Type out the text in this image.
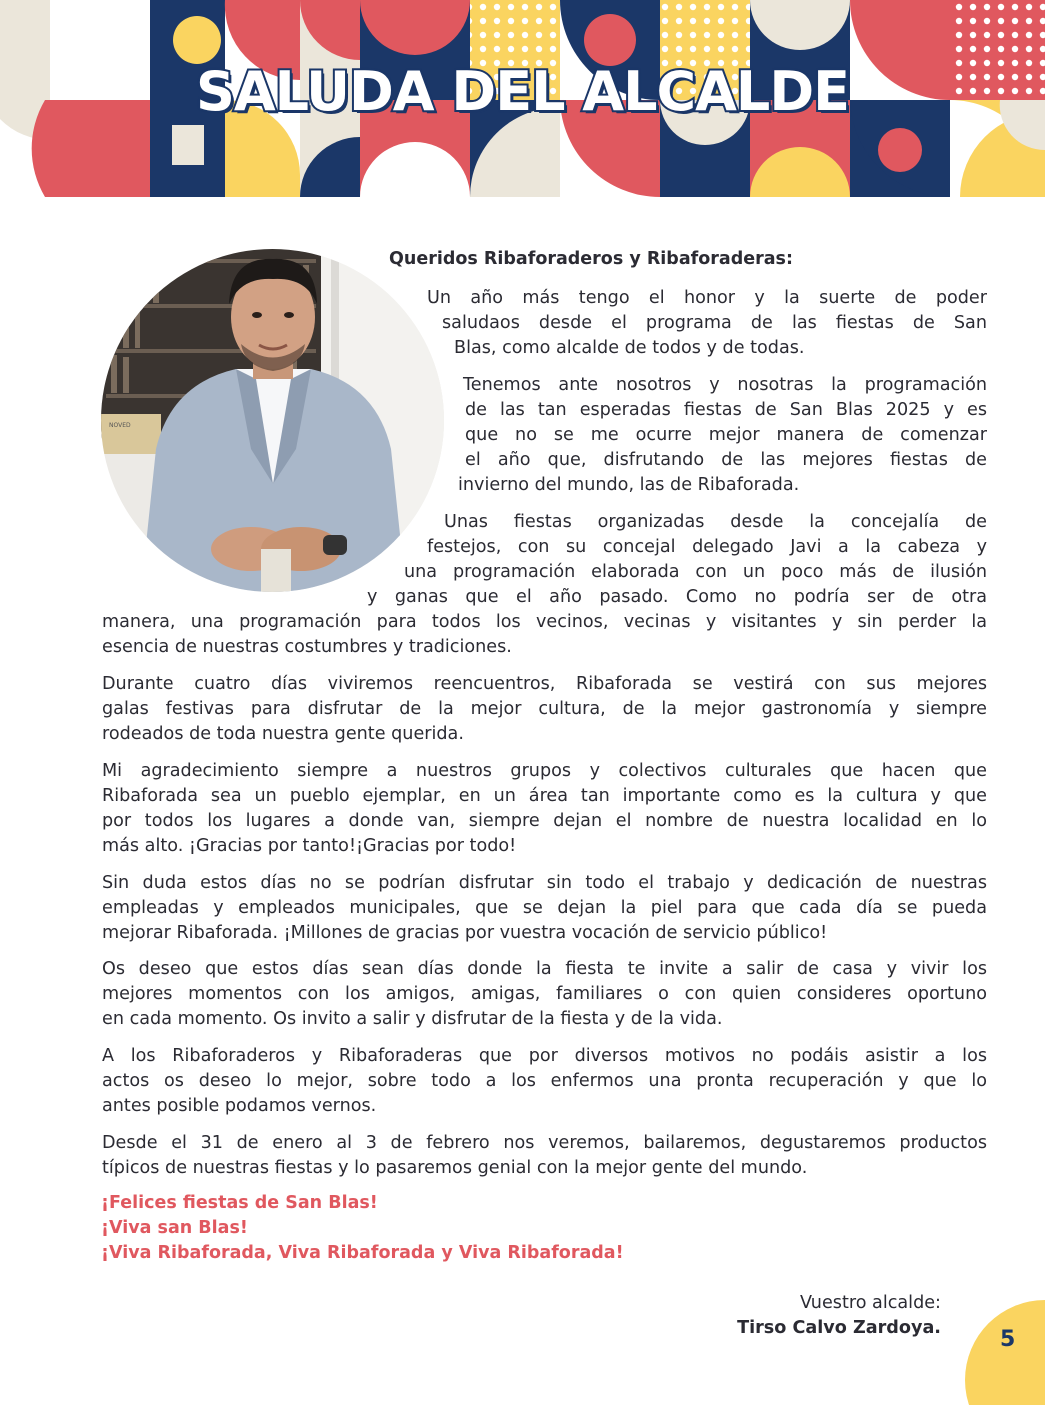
SALUDA DEL ALCALDE
NOVED
Queridos Ribaforaderos y Ribaforaderas:
Un año más tengo el honor y la suerte de poder
saludaos desde el programa de las fiestas de San
Blas, como alcalde de todos y de todas.
Tenemos ante nosotros y nosotras la programación
de las tan esperadas fiestas de San Blas 2025 y es
que no se me ocurre mejor manera de comenzar
el año que, disfrutando de las mejores fiestas de
invierno del mundo, las de Ribaforada.
Unas fiestas organizadas desde la concejalía de
festejos, con su concejal delegado Javi a la cabeza y
una programación elaborada con un poco más de ilusión
y ganas que el año pasado. Como no podría ser de otra
manera, una programación para todos los vecinos, vecinas y visitantes y sin perder la
esencia de nuestras costumbres y tradiciones.
Durante cuatro días viviremos reencuentros, Ribaforada se vestirá con sus mejores
galas festivas para disfrutar de la mejor cultura, de la mejor gastronomía y siempre
rodeados de toda nuestra gente querida.
Mi agradecimiento siempre a nuestros grupos y colectivos culturales que hacen que
Ribaforada sea un pueblo ejemplar, en un área tan importante como es la cultura y que
por todos los lugares a donde van, siempre dejan el nombre de nuestra localidad en lo
más alto. ¡Gracias por tanto!¡Gracias por todo!
Sin duda estos días no se podrían disfrutar sin todo el trabajo y dedicación de nuestras
empleadas y empleados municipales, que se dejan la piel para que cada día se pueda
mejorar Ribaforada. ¡Millones de gracias por vuestra vocación de servicio público!
Os deseo que estos días sean días donde la fiesta te invite a salir de casa y vivir los
mejores momentos con los amigos, amigas, familiares o con quien consideres oportuno
en cada momento. Os invito a salir y disfrutar de la fiesta y de la vida.
A los Ribaforaderos y Ribaforaderas que por diversos motivos no podáis asistir a los
actos os deseo lo mejor, sobre todo a los enfermos una pronta recuperación y que lo
antes posible podamos vernos.
Desde el 31 de enero al 3 de febrero nos veremos, bailaremos, degustaremos productos
típicos de nuestras fiestas y lo pasaremos genial con la mejor gente del mundo.
¡Felices fiestas de San Blas!
¡Viva san Blas!
¡Viva Ribaforada, Viva Ribaforada y Viva Ribaforada!
Vuestro alcalde:
Tirso Calvo Zardoya.	5
